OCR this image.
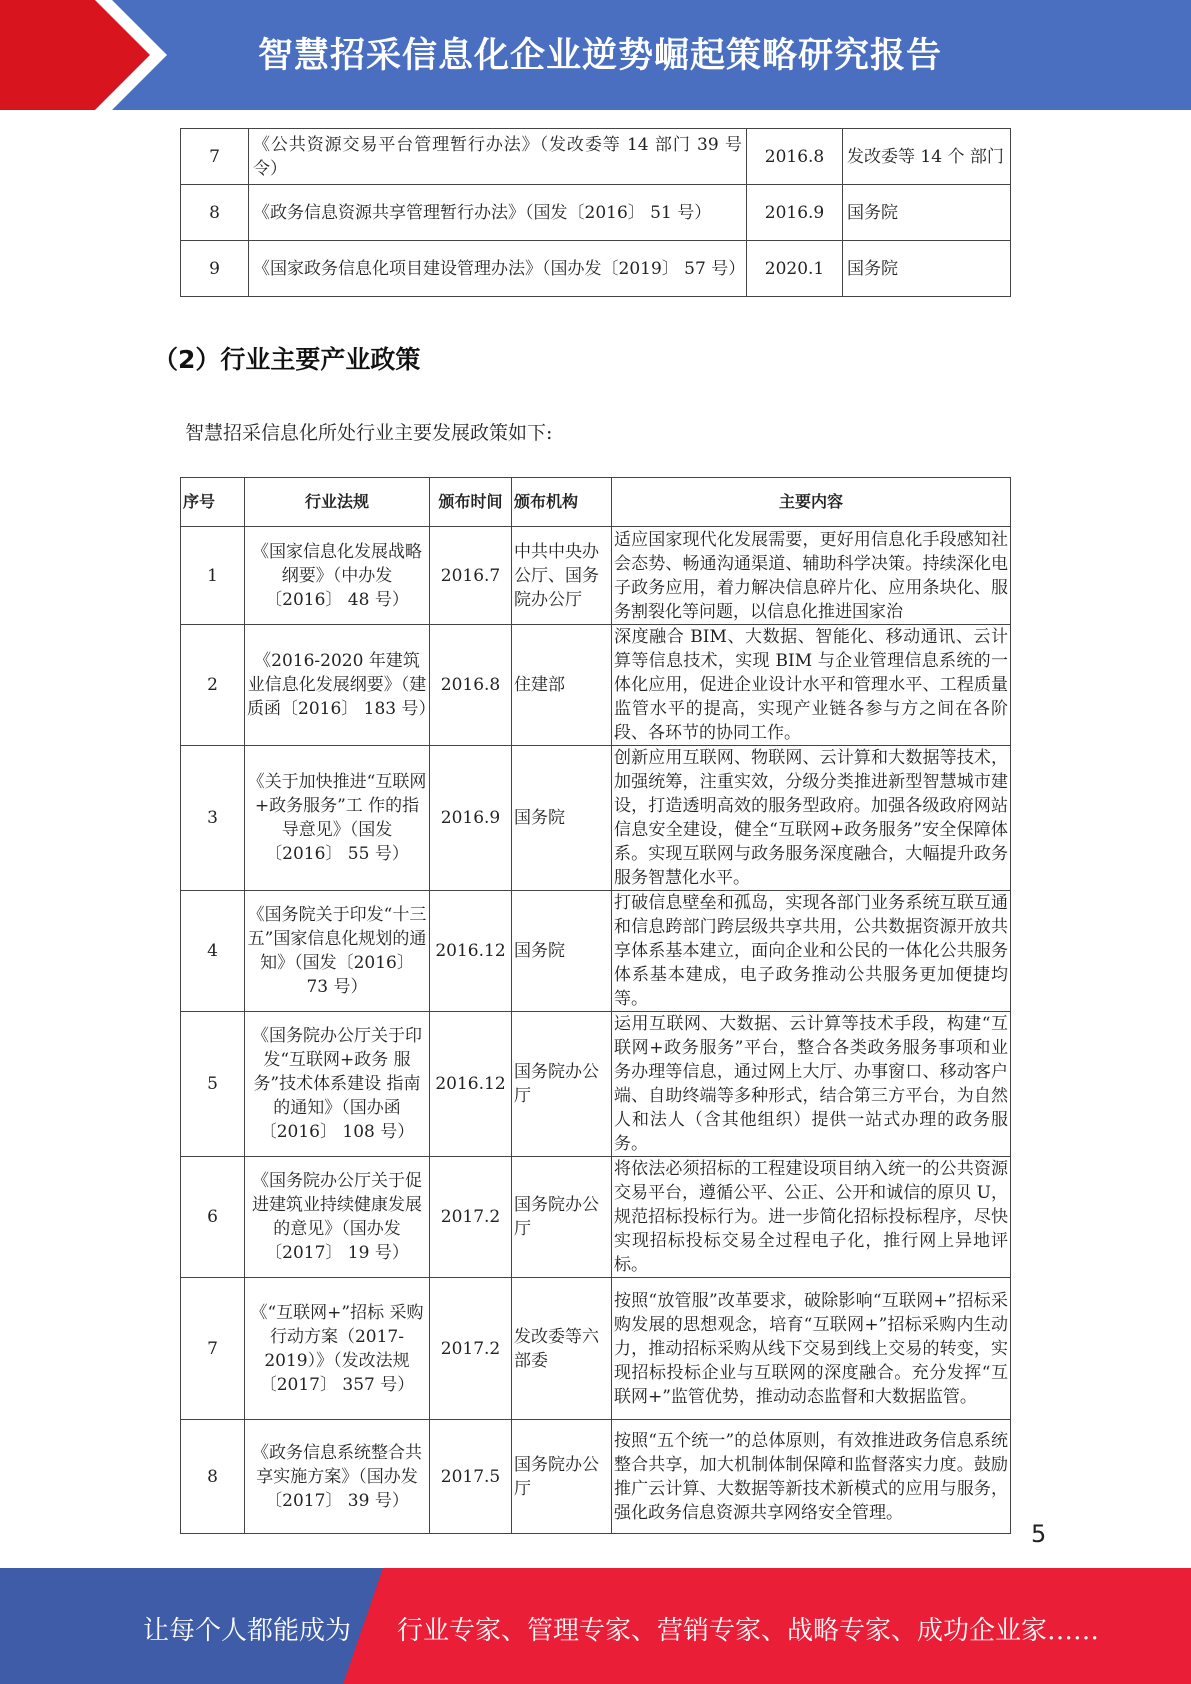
智慧招采信息化企业逆势崛起策略研究报告
7	《公共资源交易平台管理暂行办法》（发改委等 14 部门 39 号令）	2016.8	发改委等 14 个 部门
8	《政务信息资源共享管理暂行办法》（国发〔2016〕 51 号）	2016.9	国务院
9	《国家政务信息化项目建设管理办法》（国办发〔2019〕 57 号）	2020.1	国务院
（2）行业主要产业政策
智慧招采信息化所处行业主要发展政策如下:
序号	行业法规	颁布时间	颁布机构	主要内容
1	《国家信息化发展战略纲要》（中办发〔2016〕 48 号）	2016.7	中共中央办公厅、国务院办公厅	适应国家现代化发展需要，更好用信息化手段感知社会态势、畅通沟通渠道、辅助科学决策。持续深化电子政务应用，着力解决信息碎片化、应用条块化、服务割裂化等问题，以信息化推进国家治
2	《2016-2020 年建筑 业信息化发展纲要》（建质函〔2016〕 183 号）	2016.8	住建部	深度融合 BIM、大数据、智能化、移动通讯、云计算等信息技术，实现 BIM 与企业管理信息系统的一体化应用，促进企业设计水平和管理水平、工程质量监管水平的提高，实现产业链各参与方之间在各阶段、各环节的协同工作。
3	《关于加快推进“互联网+政务服务”工 作的指导意见》（国发〔2016〕 55 号）	2016.9	国务院	创新应用互联网、物联网、云计算和大数据等技术，加强统筹，注重实效，分级分类推进新型智慧城市建设，打造透明高效的服务型政府。加强各级政府网站信息安全建设，健全“互联网+政务服务”安全保障体系。实现互联网与政务服务深度融合，大幅提升政务服务智慧化水平。
4	《国务院关于印发“十三五”国家信息化规划的通知》（国发〔2016〕 73 号）	2016.12	国务院	打破信息壁垒和孤岛，实现各部门业务系统互联互通和信息跨部门跨层级共享共用，公共数据资源开放共享体系基本建立，面向企业和公民的一体化公共服务体系基本建成，电子政务推动公共服务更加便捷均等。
5	《国务院办公厅关于印发“互联网+政务 服务”技术体系建设 指南的通知》（国办函〔2016〕 108 号）	2016.12	国务院办公厅	运用互联网、大数据、云计算等技术手段，构建“互联网+政务服务”平台，整合各类政务服务事项和业务办理等信息，通过网上大厅、办事窗口、移动客户端、自助终端等多种形式，结合第三方平台，为自然人和法人（含其他组织）提供一站式办理的政务服务。
6	《国务院办公厅关于促进建筑业持续健康发展的意见》（国办发〔2017〕 19 号）	2017.2	国务院办公厅	将依法必须招标的工程建设项目纳入统一的公共资源交易平台，遵循公平、公正、公开和诚信的原贝 U，规范招标投标行为。进一步简化招标投标程序，尽快实现招标投标交易全过程电子化，推行网上异地评标。
7	《“互联网+”招标 采购行动方案（2017-2019）》（发改法规〔2017〕 357 号）	2017.2	发改委等六部委	按照“放管服”改革要求，破除影响“互联网+”招标采购发展的思想观念，培育“互联网+”招标采购内生动力，推动招标采购从线下交易到线上交易的转变，实现招标投标企业与互联网的深度融合。充分发挥“互联网+”监管优势，推动动态监督和大数据监管。
8	《政务信息系统整合共享实施方案》（国办发〔2017〕 39 号）	2017.5	国务院办公厅	按照“五个统一”的总体原则，有效推进政务信息系统整合共享，加大机制体制保障和监督落实力度。鼓励推广云计算、大数据等新技术新模式的应用与服务，强化政务信息资源共享网络安全管理。
5
让每个人都能成为 行业专家、管理专家、营销专家、战略专家、成功企业家……
